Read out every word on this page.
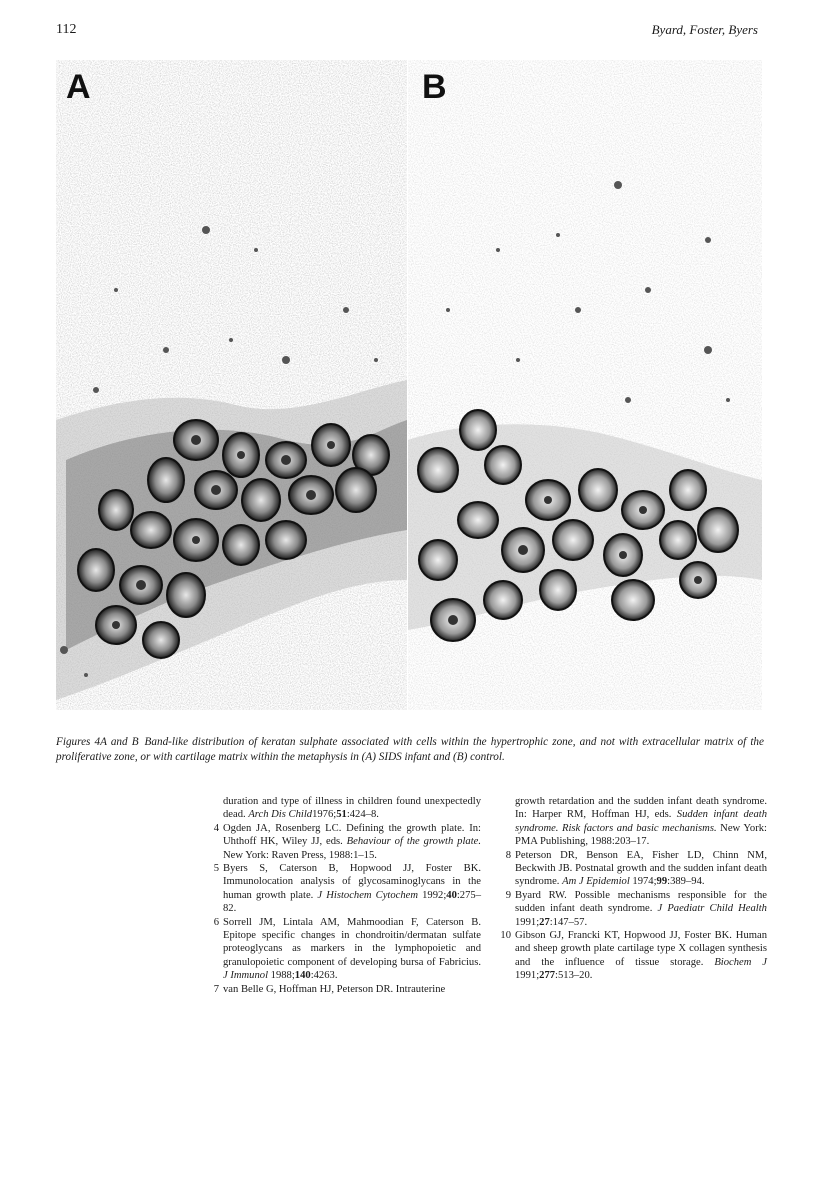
112	Byard, Foster, Byers
A	B
Figures 4A and B Band-like distribution of keratan sulphate associated with cells within the hypertrophic zone, and not with extracellular matrix of the proliferative zone, or with cartilage matrix within the metaphysis in (A) SIDS infant and (B) control.
duration and type of illness in children found unexpectedly dead. Arch Dis Child1976;51:424–8.
4 Ogden JA, Rosenberg LC. Defining the growth plate. In: Uhthoff HK, Wiley JJ, eds. Behaviour of the growth plate. New York: Raven Press, 1988:1–15.
5 Byers S, Caterson B, Hopwood JJ, Foster BK. Immunolocation analysis of glycosaminoglycans in the human growth plate. J Histochem Cytochem 1992;40:275–82.
6 Sorrell JM, Lintala AM, Mahmoodian F, Caterson B. Epitope specific changes in chondroitin/dermatan sulfate proteoglycans as markers in the lymphopoietic and granulopoietic component of developing bursa of Fabricius. J Immunol 1988;140:4263.
7 van Belle G, Hoffman HJ, Peterson DR. Intrauterine
growth retardation and the sudden infant death syndrome. In: Harper RM, Hoffman HJ, eds. Sudden infant death syndrome. Risk factors and basic mechanisms. New York: PMA Publishing, 1988:203–17.
8 Peterson DR, Benson EA, Fisher LD, Chinn NM, Beckwith JB. Postnatal growth and the sudden infant death syndrome. Am J Epidemiol 1974;99:389–94.
9 Byard RW. Possible mechanisms responsible for the sudden infant death syndrome. J Paediatr Child Health 1991;27:147–57.
10 Gibson GJ, Francki KT, Hopwood JJ, Foster BK. Human and sheep growth plate cartilage type X collagen synthesis and the influence of tissue storage. Biochem J 1991;277:513–20.
